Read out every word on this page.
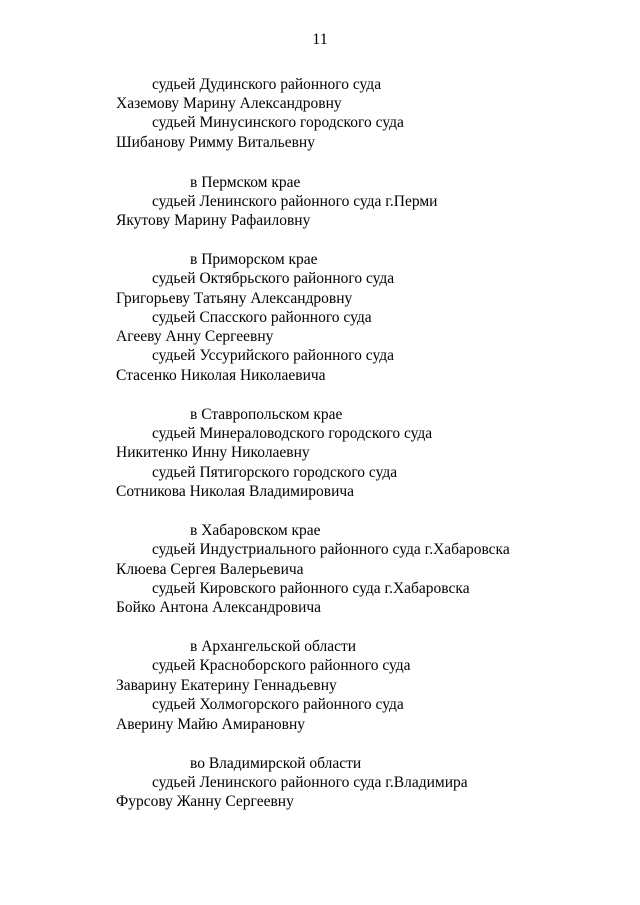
11
судьей Дудинского районного суда
Хаземову Марину Александровну
судьей Минусинского городского суда
Шибанову Римму Витальевну
в Пермском крае
судьей Ленинского районного суда г.Перми
Якутову Марину Рафаиловну
в Приморском крае
судьей Октябрьского районного суда
Григорьеву Татьяну Александровну
судьей Спасского районного суда
Агееву Анну Сергеевну
судьей Уссурийского районного суда
Стасенко Николая Николаевича
в Ставропольском крае
судьей Минераловодского городского суда
Никитенко Инну Николаевну
судьей Пятигорского городского суда
Сотникова Николая Владимировича
в Хабаровском крае
судьей Индустриального районного суда г.Хабаровска
Клюева Сергея Валерьевича
судьей Кировского районного суда г.Хабаровска
Бойко Антона Александровича
в Архангельской области
судьей Красноборского районного суда
Заварину Екатерину Геннадьевну
судьей Холмогорского районного суда
Аверину Майю Амирановну
во Владимирской области
судьей Ленинского районного суда г.Владимира
Фурсову Жанну Сергеевну
